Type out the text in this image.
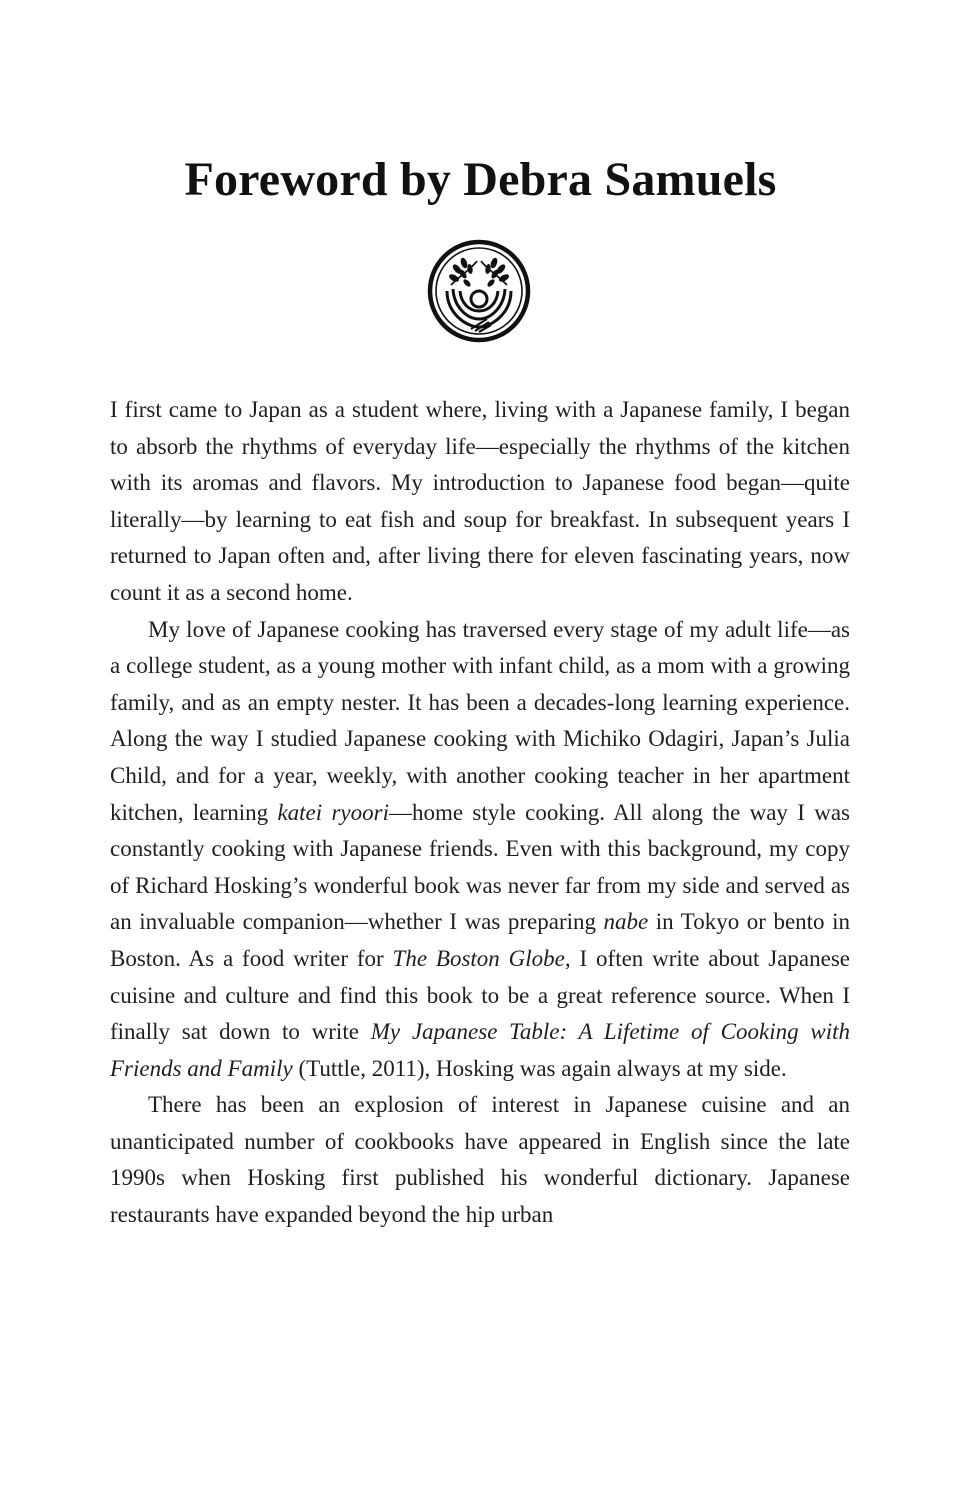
Foreword by Debra Samuels

I first came to Japan as a student where, living with a Japanese family, I began to absorb the rhythms of everyday life—especially the rhythms of the kitchen with its aromas and flavors. My introduction to Japanese food began—quite literally—by learning to eat fish and soup for breakfast. In subsequent years I returned to Japan often and, after living there for eleven fascinating years, now count it as a second home.

My love of Japanese cooking has traversed every stage of my adult life—as a college student, as a young mother with infant child, as a mom with a growing family, and as an empty nester. It has been a decades-long learning experience. Along the way I studied Japanese cooking with Michiko Odagiri, Japan’s Julia Child, and for a year, weekly, with another cooking teacher in her apartment kitchen, learning katei ryoori—home style cooking. All along the way I was constantly cooking with Japanese friends. Even with this background, my copy of Richard Hosking’s wonderful book was never far from my side and served as an invaluable companion—whether I was preparing nabe in Tokyo or bento in Boston. As a food writer for The Boston Globe, I often write about Japanese cuisine and culture and find this book to be a great reference source. When I finally sat down to write My Japanese Table: A Lifetime of Cooking with Friends and Family (Tuttle, 2011), Hosking was again always at my side.

There has been an explosion of interest in Japanese cuisine and an unanticipated number of cookbooks have appeared in English since the late 1990s when Hosking first published his wonderful dictionary. Japanese restaurants have expanded beyond the hip urban
